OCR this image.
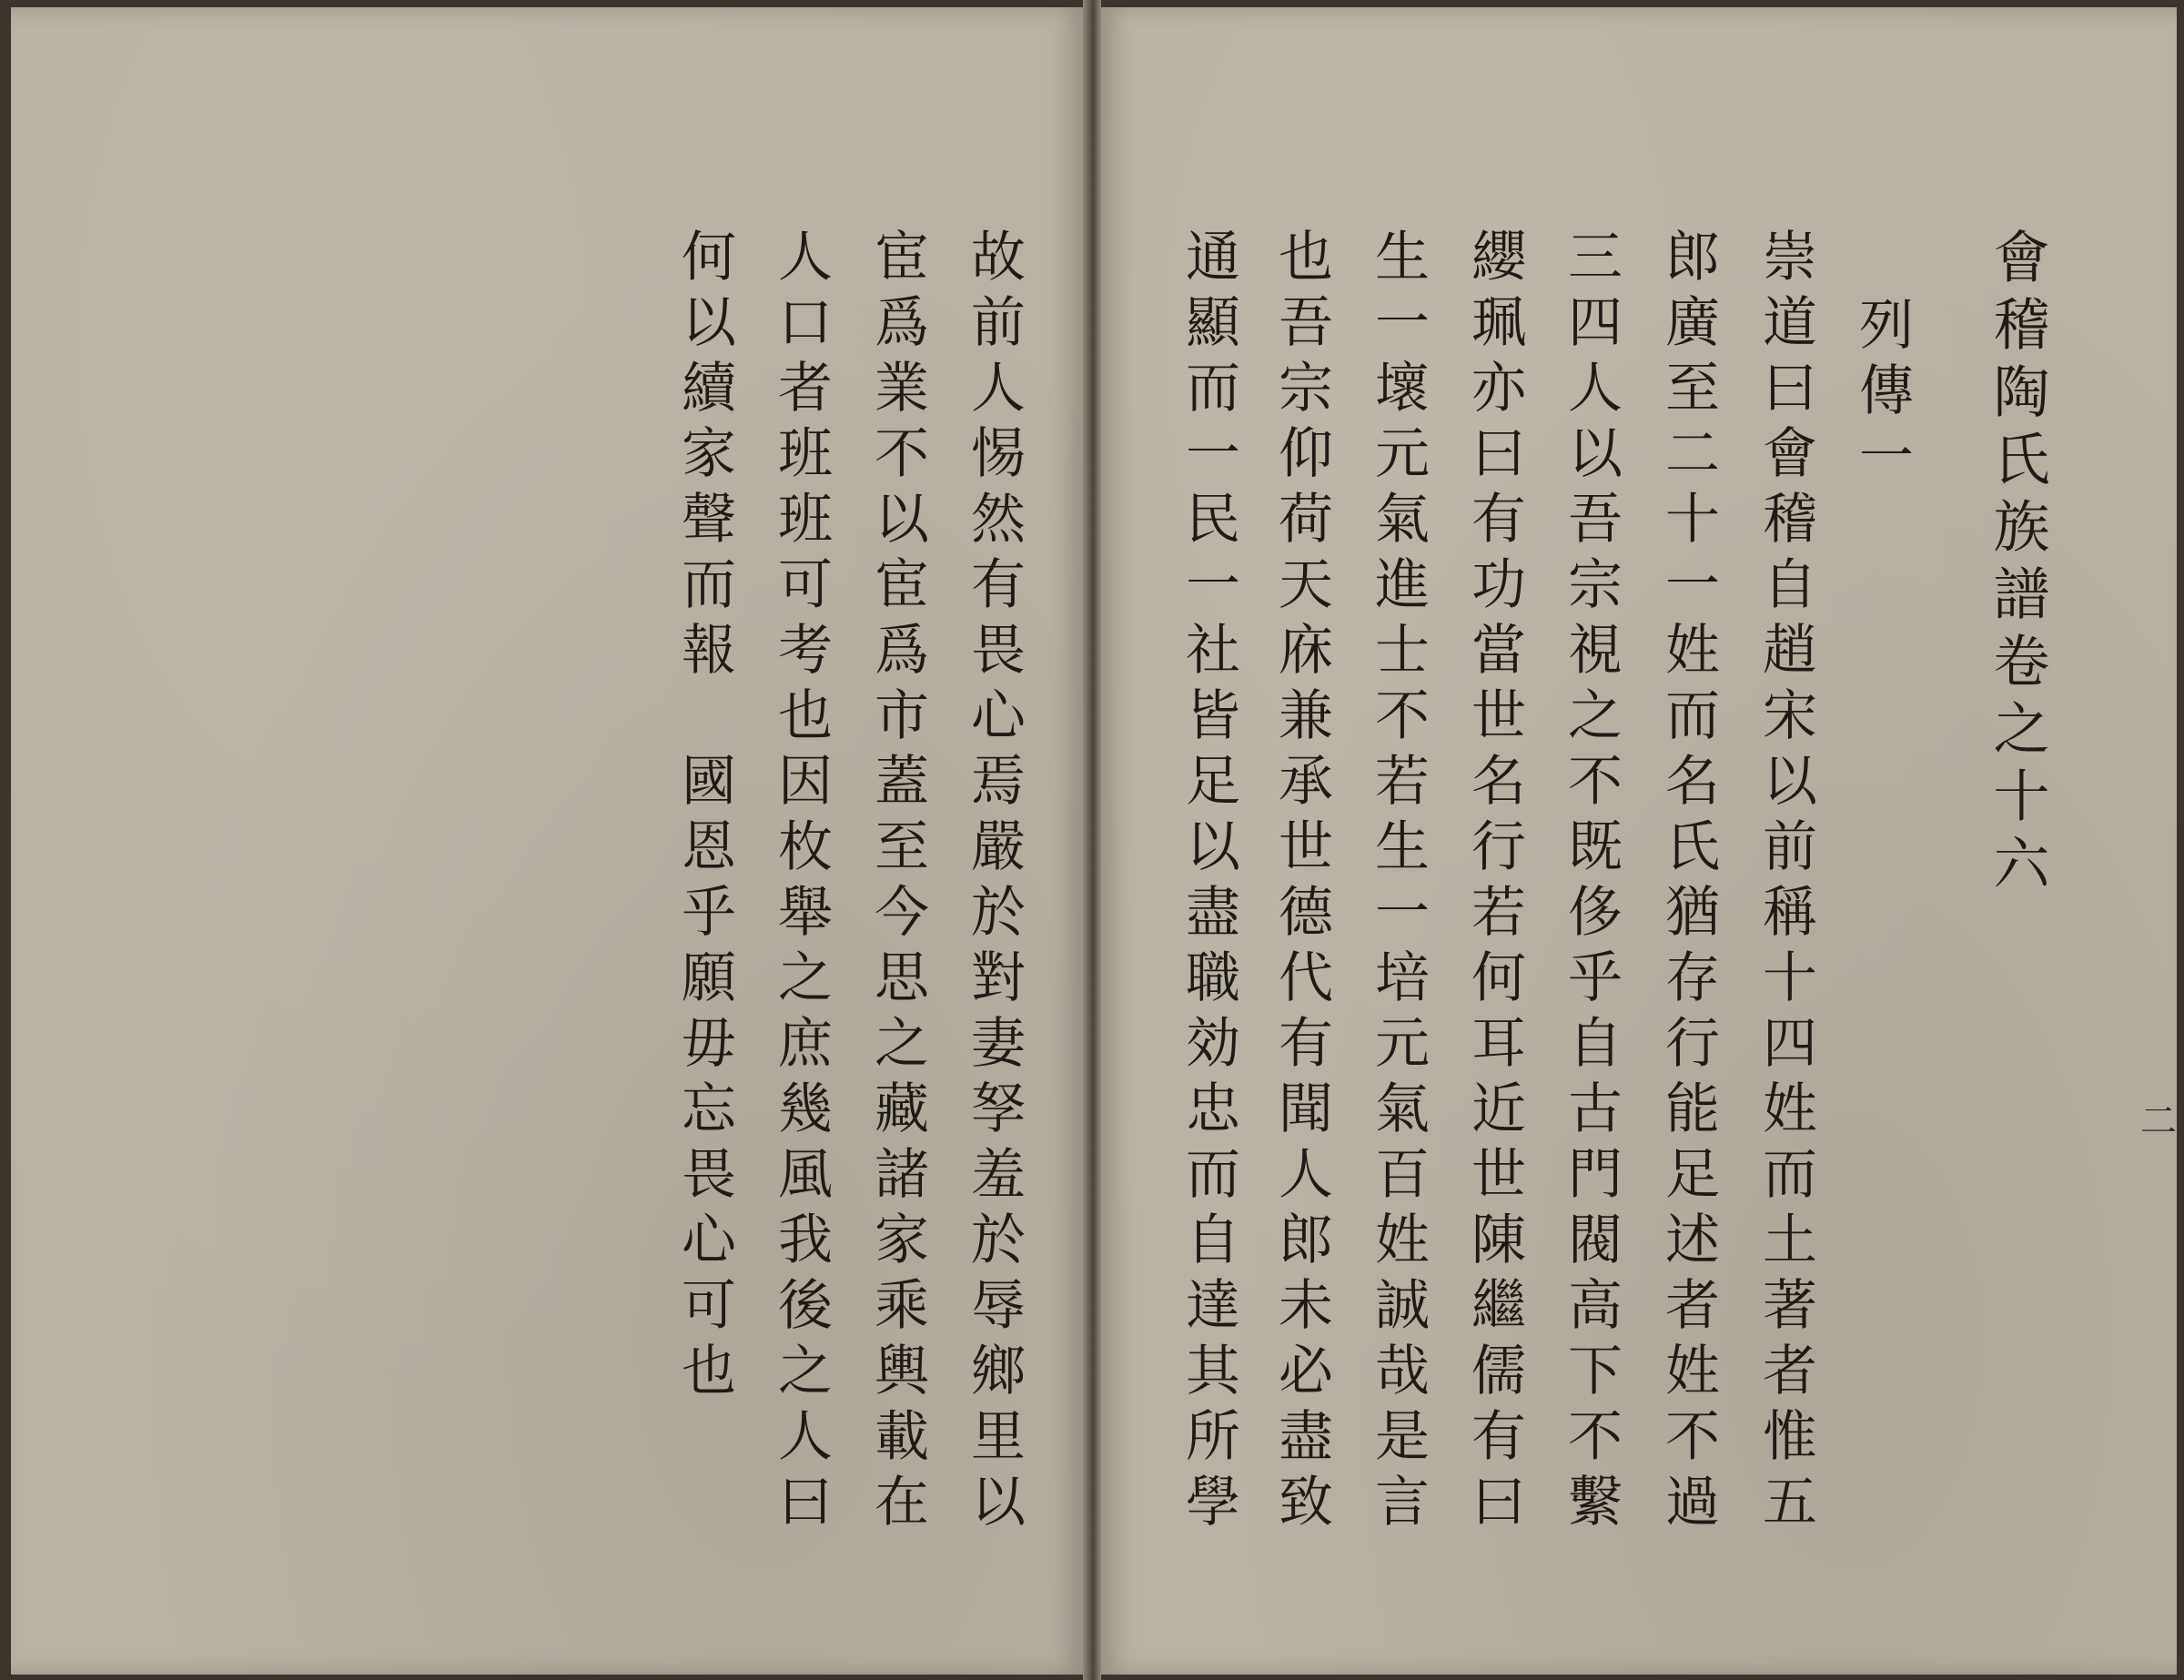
會稽陶氏族譜卷之十六
列傳一
崇道曰會稽自趙宋以前稱十四姓而土著者惟五
郎廣至二十一姓而名氏猶存行能足述者姓不過
三四人以吾宗視之不既侈乎自古門閥高下不繫
纓珮亦曰有功當世名行若何耳近世陳繼儒有曰
生一壞元氣進士不若生一培元氣百姓誠哉是言
也吾宗仰荷天庥兼承世德代有聞人郎未必盡致
通顯而一民一社皆足以盡職効忠而自達其所學	二
故前人惕然有畏心焉嚴於對妻孥羞於辱鄉里以
宦爲業不以宦爲市蓋至今思之藏諸家乘輿載在
人口者班班可考也因枚舉之庶幾風我後之人曰
何以續家聲而報　國恩乎願毋忘畏心可也
